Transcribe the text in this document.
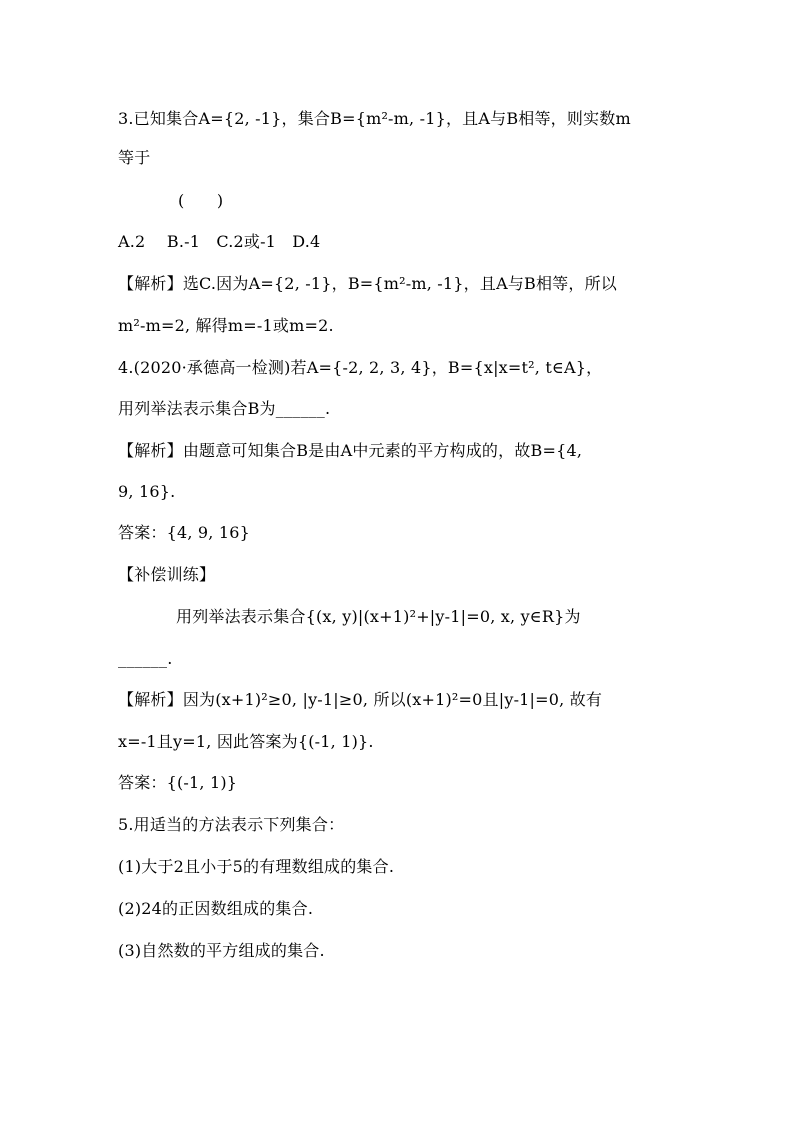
3.已知集合A={2, -1}，集合B={m²-m, -1}，且A与B相等，则实数m
等于
(　　)
A.2　 B.-1　C.2或-1　D.4
【解析】选C.因为A={2, -1}，B={m²-m, -1}，且A与B相等，所以
m²-m=2, 解得m=-1或m=2.
4.(2020·承德高一检测)若A={-2, 2, 3, 4}，B={x|x=t², t∈A}，
用列举法表示集合B为______.
【解析】由题意可知集合B是由A中元素的平方构成的，故B={4,
9, 16}.
答案：{4, 9, 16}
【补偿训练】
用列举法表示集合{(x, y)|(x+1)²+|y-1|=0, x, y∈R}为
______.
【解析】因为(x+1)²≥0, |y-1|≥0, 所以(x+1)²=0且|y-1|=0, 故有
x=-1且y=1, 因此答案为{(-1, 1)}.
答案：{(-1, 1)}
5.用适当的方法表示下列集合：
(1)大于2且小于5的有理数组成的集合.
(2)24的正因数组成的集合.
(3)自然数的平方组成的集合.
